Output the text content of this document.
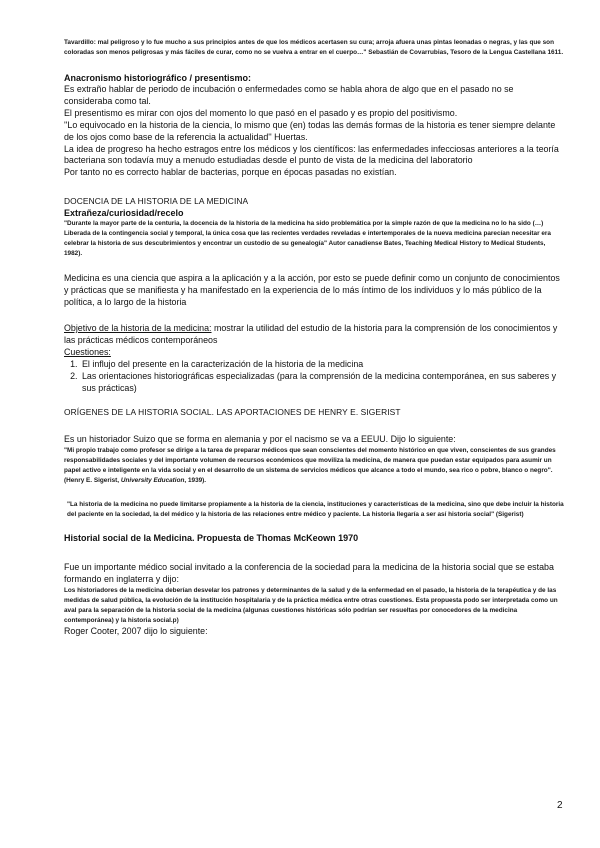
Tavardillo: mal peligroso y lo fue mucho a sus principios antes de que los médicos acertasen su cura; arroja afuera unas pintas leonadas o negras, y las que son coloradas son menos peligrosas y más fáciles de curar, como no se vuelva a entrar en el cuerpo…" Sebastián de Covarrubias, Tesoro de la Lengua Castellana 1611.

Anacronismo historiográfico / presentismo:

Es extraño hablar de periodo de incubación o enfermedades como se habla ahora de algo que en el pasado no se consideraba como tal.

El presentismo es mirar con ojos del momento lo que pasó en el pasado y es propio del positivismo.

''Lo equivocado en la historia de la ciencia, lo mismo que (en) todas las demás formas de la historia es tener siempre delante de los ojos como base de la referencia la actualidad'' Huertas.

La idea de progreso ha hecho estragos entre los médicos y los científicos: las enfermedades infecciosas anteriores a la teoría bacteriana son todavía muy a menudo estudiadas desde el punto de vista de la medicina del laboratorio

Por tanto no es correcto hablar de bacterias, porque en épocas pasadas no existían.

DOCENCIA DE LA HISTORIA DE LA MEDICINA

Extrañeza/curiosidad/recelo

"Durante la mayor parte de la centuria, la docencia de la historia de la medicina ha sido problemática por la simple razón de que la medicina no lo ha sido (…) Liberada de la contingencia social y temporal, la única cosa que las recientes verdades reveladas e intertemporales de la nueva medicina parecían necesitar era celebrar la historia de sus descubrimientos y encontrar un custodio de su genealogía" Autor canadiense Bates, Teaching Medical History to Medical Students, 1982).

Medicina es una ciencia que aspira a la aplicación y a la acción, por esto se puede definir como un conjunto de conocimientos y prácticas que se manifiesta y ha manifestado en la experiencia de lo más íntimo de los individuos y lo más público de la política, a lo largo de la historia

Objetivo de la historia de la medicina: mostrar la utilidad del estudio de la historia para la comprensión de los conocimientos y las prácticas médicos contemporáneos

Cuestiones:

1. El influjo del presente en la caracterización de la historia de la medicina
2. Las orientaciones historiográficas especializadas (para la comprensión de la medicina contemporánea, en sus saberes y sus prácticas)

ORÍGENES DE LA HISTORIA SOCIAL. LAS APORTACIONES DE HENRY E. SIGERIST

Es un historiador Suizo que se forma en alemania y por el nacismo se va a EEUU. Dijo lo siguiente:

"Mi propio trabajo como profesor se dirige a la tarea de preparar médicos que sean conscientes del momento histórico en que viven, conscientes de sus grandes responsabilidades sociales y del importante volumen de recursos económicos que moviliza la medicina, de manera que puedan estar equipados para asumir un papel activo e inteligente en la vida social y en el desarrollo de un sistema de servicios médicos que alcance a todo el mundo, sea rico o pobre, blanco o negro". (Henry E. Sigerist, University Education, 1939).

"La historia de la medicina no puede limitarse propiamente a la historia de la ciencia, instituciones y características de la medicina, sino que debe incluir la historia del paciente en la sociedad, la del médico y la historia de las relaciones entre médico y paciente. La historia llegaría a ser así historia social" (Sigerist)

Historial social de la Medicina. Propuesta de Thomas McKeown 1970

Fue un importante médico social invitado a la conferencia de la sociedad para la medicina de la historia social que se estaba formando en inglaterra y dijo:

Los historiadores de la medicina deberían desvelar los patrones y determinantes de la salud y de la enfermedad en el pasado, la historia de la terapéutica y de las medidas de salud pública, la evolución de la institución hospitalaria y de la práctica médica entre otras cuestiones. Esta propuesta podo ser interpretada como un aval para la separación de la historia social de la medicina (algunas cuestiones históricas sólo podrían ser resueltas por conocedores de la medicina contemporánea) y la historia social.p)

Roger Cooter, 2007 dijo lo siguiente:

2
